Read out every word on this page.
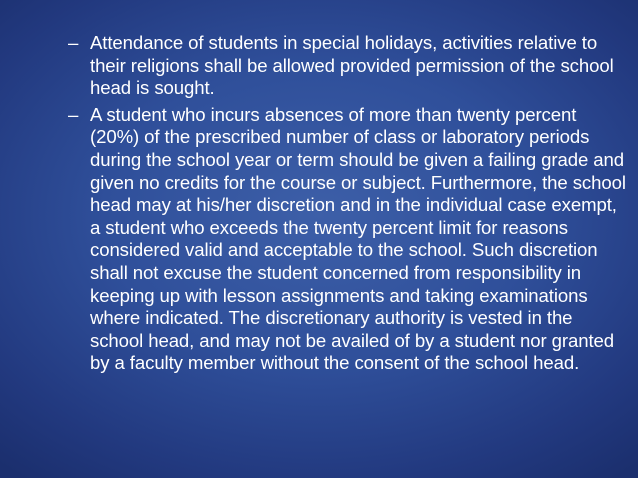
– Attendance of students in special holidays, activities relative to their religions shall be allowed provided permission of the school head is sought.
– A student who incurs absences of more than twenty percent (20%) of the prescribed number of class or laboratory periods during the school year or term should be given a failing grade and given no credits for the course or subject. Furthermore, the school head may at his/her discretion and in the individual case exempt, a student who exceeds the twenty percent limit for reasons considered valid and acceptable to the school. Such discretion shall not excuse the student concerned from responsibility in keeping up with lesson assignments and taking examinations where indicated. The discretionary authority is vested in the school head, and may not be availed of by a student nor granted by a faculty member without the consent of the school head.
